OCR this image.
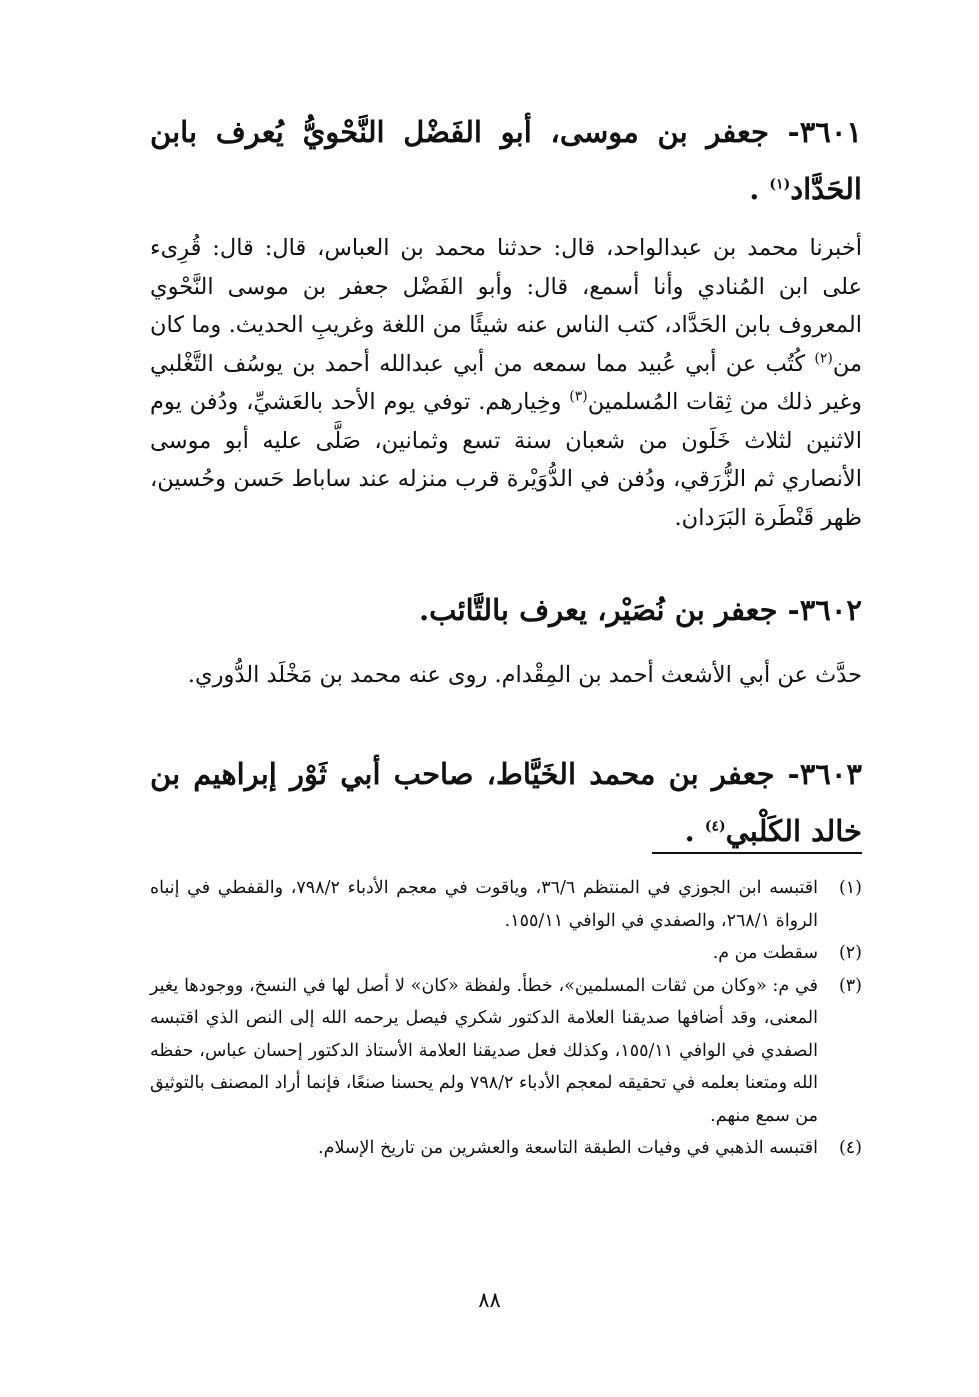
٣٦٠١- جعفر بن موسى، أبو الفَضْل النَّحْويُّ يُعرف بابن الحَدَّاد$^{(١)}$ .
أخبرنا محمد بن عبدالواحد، قال: حدثنا محمد بن العباس، قال: قال: قُرِىء على ابن المُنادي وأنا أسمع، قال: وأبو الفَضْل جعفر بن موسى النَّحْوي المعروف بابن الحَدَّاد، كتب الناس عنه شيئًا من اللغة وغريبِ الحديث. وما كان من$^{(٢)}$ كُتُب عن أبي عُبيد مما سمعه من أبي عبدالله أحمد بن يوسُف التَّغْلبي وغير ذلك من ثِقات المُسلمين$^{(٣)}$ وخِيارهم. توفي يوم الأحد بالعَشيِّ، ودُفن يوم الاثنين لثلاث خَلَون من شعبان سنة تسع وثمانين، صَلَّى عليه أبو موسى الأنصاري ثم الزُّرَقي، ودُفن في الدُّوَيْرة قرب منزله عند ساباط حَسن وحُسين، ظهر قَنْطَرة البَرَدان.
٣٦٠٢- جعفر بن نُصَيْر، يعرف بالتَّائب.
حدَّث عن أبي الأشعث أحمد بن المِقْدام. روى عنه محمد بن مَخْلَد الدُّوري.
٣٦٠٣- جعفر بن محمد الخَيَّاط، صاحب أبي ثَوْر إبراهيم بن خالد الكَلْبي$^{(٤)}$ .
(١)
اقتبسه ابن الجوزي في المنتظم ٣٦/٦، وياقوت في معجم الأدباء ٧٩٨/٢، والقفطي في إنباه الرواة ٢٦٨/١، والصفدي في الوافي ١٥٥/١١.
(٢)
سقطت من م.
(٣)
في م: «وكان من ثقات المسلمين»، خطأ. ولفظة «كان» لا أصل لها في النسخ، ووجودها يغير المعنى، وقد أضافها صديقنا العلامة الدكتور شكري فيصل يرحمه الله إلى النص الذي اقتبسه الصفدي في الوافي ١٥٥/١١، وكذلك فعل صديقنا العلامة الأستاذ الدكتور إحسان عباس، حفظه الله ومتعنا بعلمه في تحقيقه لمعجم الأدباء ٧٩٨/٢ ولم يحسنا صنعًا، فإنما أراد المصنف بالتوثيق من سمع منهم.
(٤)
اقتبسه الذهبي في وفيات الطبقة التاسعة والعشرين من تاريخ الإسلام.
٨٨
